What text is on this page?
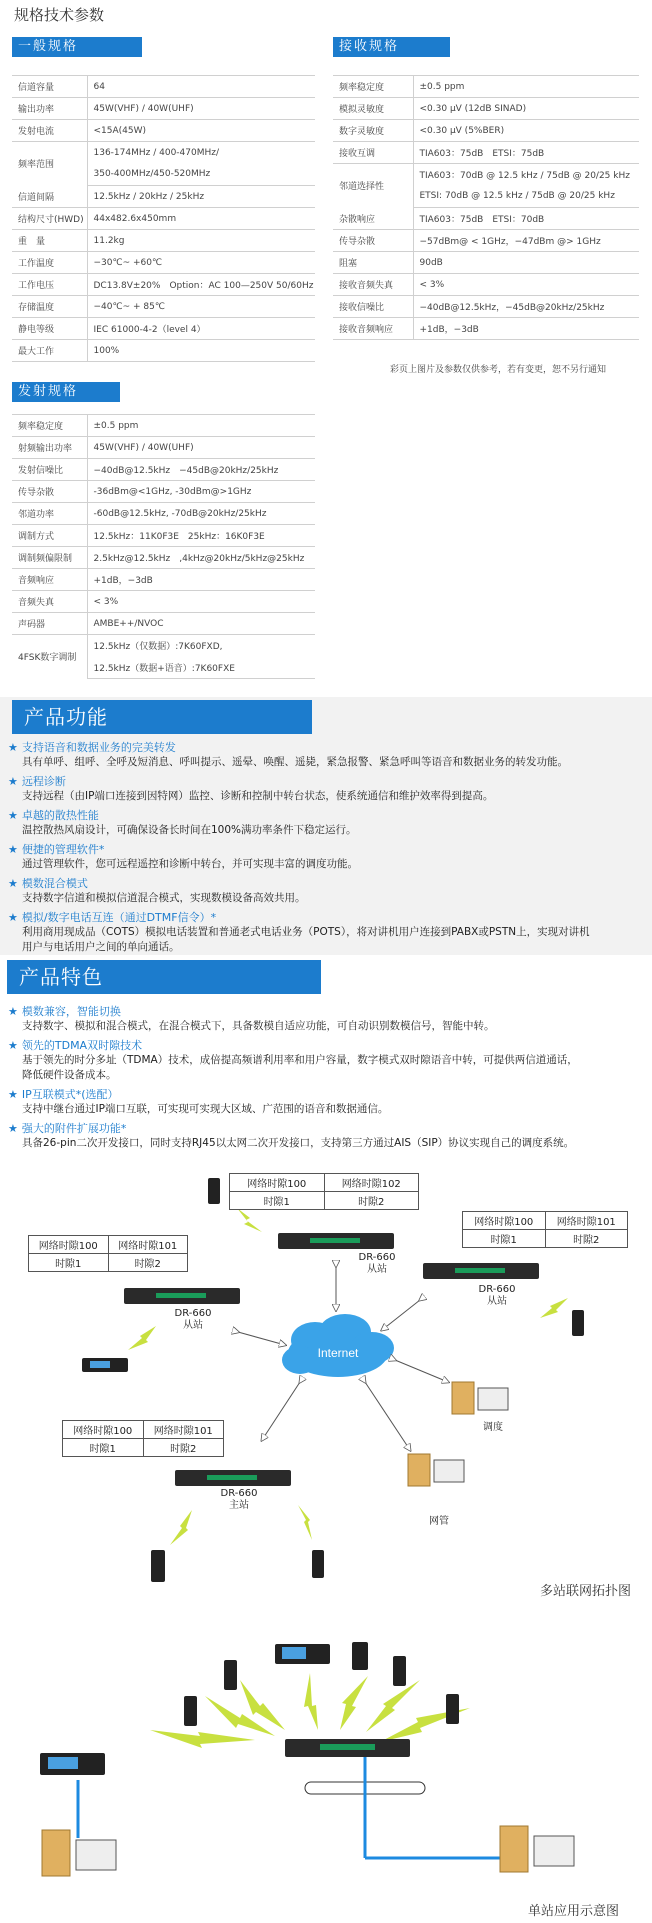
规格技术参数
一般规格
信道容量	64
输出功率	45W(VHF) / 40W(UHF)
发射电流	<15A(45W)
频率范围	136-174MHz / 400-470MHz/
	350-400MHz/450-520MHz
信道间隔	12.5kHz / 20kHz / 25kHz
结构尺寸(HWD)	44x482.6x450mm
重　量	11.2kg
工作温度	−30℃~ +60℃
工作电压	DC13.8V±20%　Option：AC 100—250V 50/60Hz
存储温度	−40℃~ + 85℃
静电等级	IEC 61000-4-2（level 4）
最大工作	100%
接收规格
频率稳定度	±0.5 ppm
模拟灵敏度	<0.30 μV (12dB SINAD)
数字灵敏度	<0.30 μV (5%BER)
接收互调	TIA603：75dB　ETSI：75dB
邻道选择性	TIA603：70dB @ 12.5 kHz / 75dB @ 20/25 kHz
	ETSI: 70dB @ 12.5 kHz / 75dB @ 20/25 kHz
杂散响应	TIA603：75dB　ETSI：70dB
传导杂散	−57dBm@ < 1GHz，−47dBm @> 1GHz
阻塞	90dB
接收音频失真	< 3%
接收信噪比	−40dB@12.5kHz，−45dB@20kHz/25kHz
接收音频响应	+1dB，−3dB
彩页上图片及参数仅供参考，若有变更，恕不另行通知
发射规格
频率稳定度	±0.5 ppm
射频输出功率	45W(VHF) / 40W(UHF)
发射信噪比	−40dB@12.5kHz　−45dB@20kHz/25kHz
传导杂散	-36dBm@<1GHz, -30dBm@>1GHz
邻道功率	-60dB@12.5kHz, -70dB@20kHz/25kHz
调制方式	12.5kHz：11K0F3E　25kHz：16K0F3E
调制频偏限制	2.5kHz@12.5kHz　,4kHz@20kHz/5kHz@25kHz
音频响应	+1dB，−3dB
音频失真	< 3%
声码器	AMBE++/NVOC
4FSK数字调制	12.5kHz（仅数据）:7K60FXD,
	12.5kHz（数据+语音）:7K60FXE
产品功能
★ 支持语音和数据业务的完美转发
具有单呼、组呼、全呼及短消息、呼叫提示、遥晕、唤醒、遥毙，紧急报警、紧急呼叫等语音和数据业务的转发功能。
★ 远程诊断
支持远程（由IP端口连接到因特网）监控、诊断和控制中转台状态，使系统通信和维护效率得到提高。
★ 卓越的散热性能
温控散热风扇设计，可确保设备长时间在100%满功率条件下稳定运行。
★ 便捷的管理软件*
通过管理软件，您可远程遥控和诊断中转台，并可实现丰富的调度功能。
★ 模数混合模式
支持数字信道和模拟信道混合模式，实现数模设备高效共用。
★ 模拟/数字电话互连（通过DTMF信令）*
利用商用现成品（COTS）模拟电话装置和普通老式电话业务（POTS），将对讲机用户连接到PABX或PSTN上，实现对讲机
用户与电话用户之间的单向通话。
产品特色
★ 模数兼容，智能切换
支持数字、模拟和混合模式，在混合模式下，具备数模自适应功能，可自动识别数模信号，智能中转。
★ 领先的TDMA双时隙技术
基于领先的时分多址（TDMA）技术，成倍提高频谱利用率和用户容量，数字模式双时隙语音中转，可提供两信道通话，
降低硬件设备成本。
★ IP互联模式*(选配）
支持中继台通过IP端口互联，可实现可实现大区域、广范围的语音和数据通信。
★ 强大的附件扩展功能*
具备26-pin二次开发接口，同时支持RJ45以太网二次开发接口，支持第三方通过AIS（SIP）协议实现自己的调度系统。
Internet
网络时隙100	网络时隙102
时隙1	时隙2
网络时隙100	网络时隙101
时隙1	时隙2
网络时隙100	网络时隙101
时隙1	时隙2
网络时隙100	网络时隙101
时隙1	时隙2
DR-660
从站
DR-660
从站
DR-660
从站
DR-660
主站
调度
网管
多站联网拓扑图
单站应用示意图
